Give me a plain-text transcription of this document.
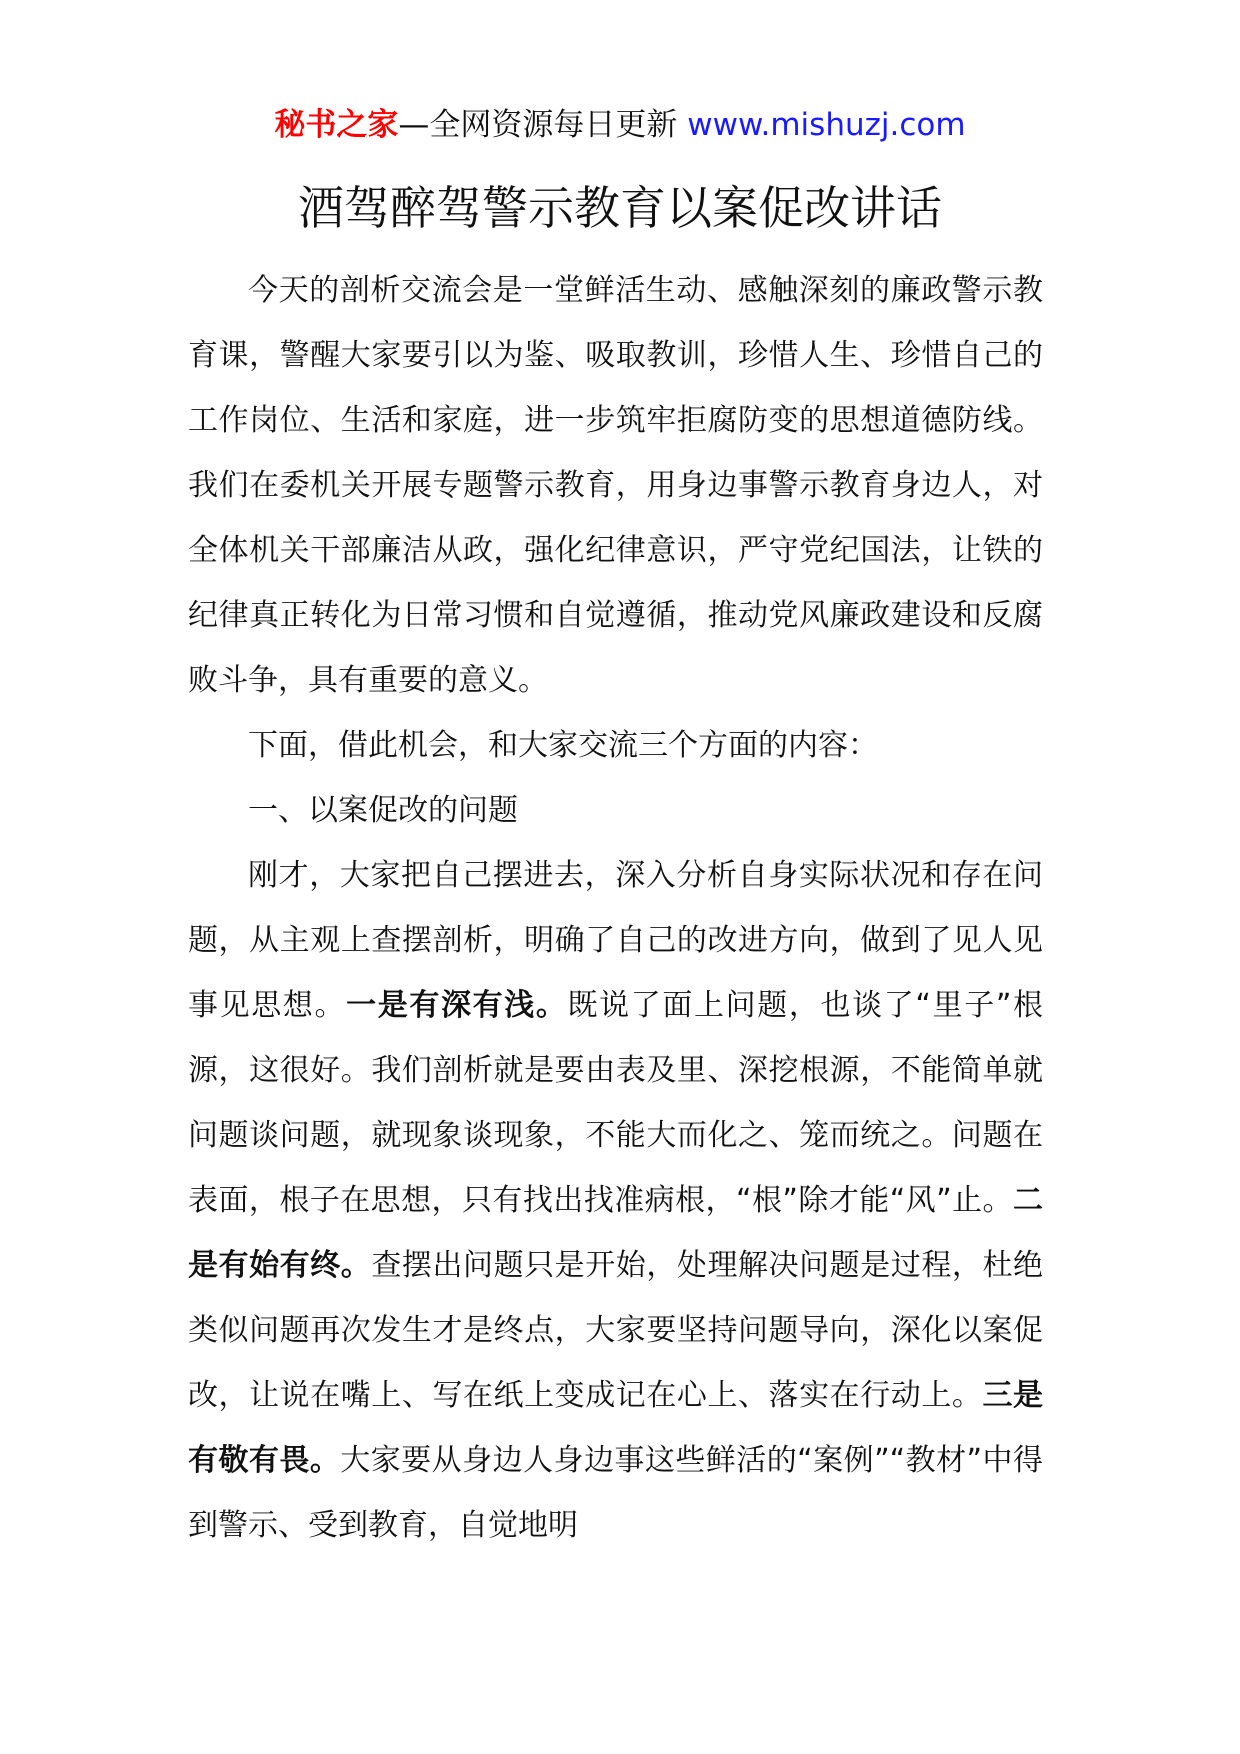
秘书之家—全网资源每日更新 www.mishuzj.com
酒驾醉驾警示教育以案促改讲话

今天的剖析交流会是一堂鲜活生动、感触深刻的廉政警示教育课，警醒大家要引以为鉴、吸取教训，珍惜人生、珍惜自己的工作岗位、生活和家庭，进一步筑牢拒腐防变的思想道德防线。我们在委机关开展专题警示教育，用身边事警示教育身边人，对全体机关干部廉洁从政，强化纪律意识，严守党纪国法，让铁的纪律真正转化为日常习惯和自觉遵循，推动党风廉政建设和反腐败斗争，具有重要的意义。

下面，借此机会，和大家交流三个方面的内容：

一、以案促改的问题

刚才，大家把自己摆进去，深入分析自身实际状况和存在问题，从主观上查摆剖析，明确了自己的改进方向，做到了见人见事见思想。一是有深有浅。既说了面上问题，也谈了“里子”根源，这很好。我们剖析就是要由表及里、深挖根源，不能简单就问题谈问题，就现象谈现象，不能大而化之、笼而统之。问题在表面，根子在思想，只有找出找准病根，“根”除才能“风”止。二是有始有终。查摆出问题只是开始，处理解决问题是过程，杜绝类似问题再次发生才是终点，大家要坚持问题导向，深化以案促改，让说在嘴上、写在纸上变成记在心上、落实在行动上。三是有敬有畏。大家要从身边人身边事这些鲜活的“案例”“教材”中得到警示、受到教育，自觉地明
